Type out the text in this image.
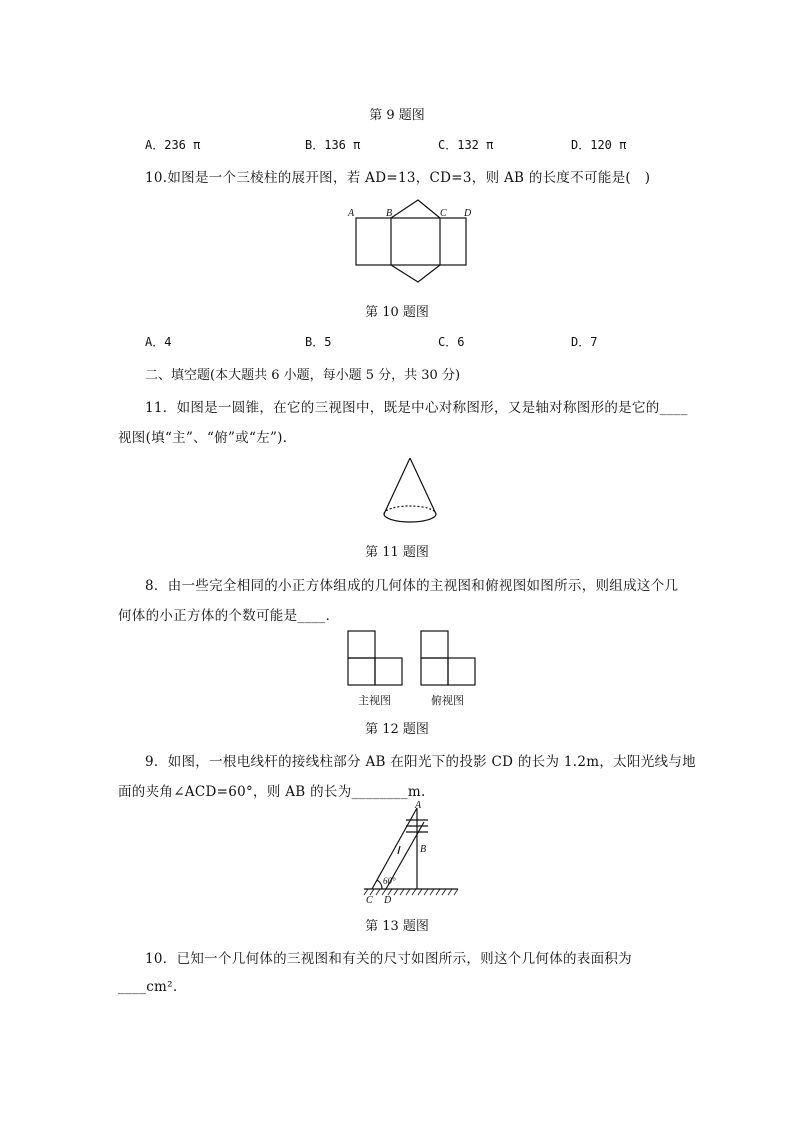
第 9 题图
A．236 π	B．136 π	C．132 π	D．120 π
10.如图是一个三棱柱的展开图，若 AD=13，CD=3，则 AB 的长度不可能是(　)
A	B	C D
第 10 题图
A．4	B．5	C．6	D．7
二、填空题(本大题共 6 小题，每小题 5 分，共 30 分)
11．如图是一圆锥，在它的三视图中，既是中心对称图形，又是轴对称图形的是它的____
视图(填“主”、“俯”或“左”)．
第 11 题图
8．由一些完全相同的小正方体组成的几何体的主视图和俯视图如图所示，则组成这个几
何体的小正方体的个数可能是____．
主视图	俯视图
第 12 题图
9．如图，一根电线杆的接线柱部分 AB 在阳光下的投影 CD 的长为 1.2m，太阳光线与地
面的夹角∠ACD=60°，则 AB 的长为________m.
A
B
C D
60°
第 13 题图
10．已知一个几何体的三视图和有关的尺寸如图所示，则这个几何体的表面积为
____cm².
